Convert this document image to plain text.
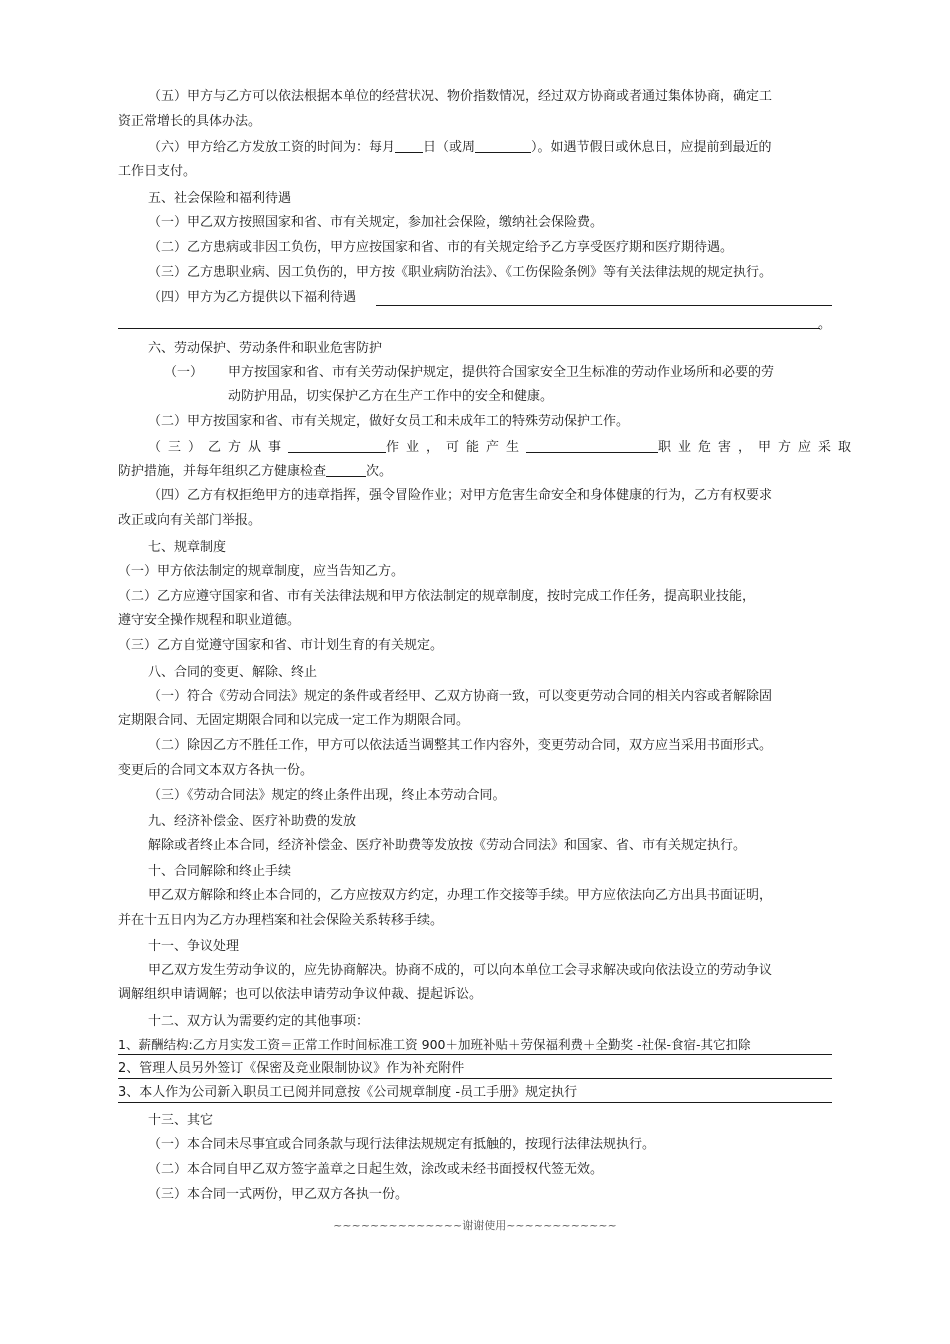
（五）甲方与乙方可以依法根据本单位的经营状况、物价指数情况，经过双方协商或者通过集体协商，确定工
资正常增长的具体办法。
（六）甲方给乙方发放工资的时间为：每月 日（或周	）。如遇节假日或休息日，应提前到最近的
工作日支付。
五、社会保险和福利待遇
（一）甲乙双方按照国家和省、市有关规定，参加社会保险，缴纳社会保险费。
（二）乙方患病或非因工负伤，甲方应按国家和省、市的有关规定给予乙方享受医疗期和医疗期待遇。
（三）乙方患职业病、因工负伤的，甲方按《职业病防治法》、《工伤保险条例》等有关法律法规的规定执行。
（四）甲方为乙方提供以下福利待遇
。
六、劳动保护、劳动条件和职业危害防护
（一）	甲方按国家和省、市有关劳动保护规定，提供符合国家安全卫生标准的劳动作业场所和必要的劳
动防护用品，切实保护乙方在生产工作中的安全和健康。
（二）甲方按国家和省、市有关规定，做好女员工和未成年工的特殊劳动保护工作。
（三）乙方从事	作业，可能产生	职业危害，甲方应采取
防护措施，并每年组织乙方健康检查	次。
（四）乙方有权拒绝甲方的违章指挥，强令冒险作业；对甲方危害生命安全和身体健康的行为，乙方有权要求
改正或向有关部门举报。
七、规章制度
（一）甲方依法制定的规章制度，应当告知乙方。
（二）乙方应遵守国家和省、市有关法律法规和甲方依法制定的规章制度，按时完成工作任务，提高职业技能，
遵守安全操作规程和职业道德。
（三）乙方自觉遵守国家和省、市计划生育的有关规定。
八、合同的变更、解除、终止
（一）符合《劳动合同法》规定的条件或者经甲、乙双方协商一致，可以变更劳动合同的相关内容或者解除固
定期限合同、无固定期限合同和以完成一定工作为期限合同。
（二）除因乙方不胜任工作，甲方可以依法适当调整其工作内容外，变更劳动合同，双方应当采用书面形式。
变更后的合同文本双方各执一份。
（三）《劳动合同法》规定的终止条件出现，终止本劳动合同。
九、经济补偿金、医疗补助费的发放
解除或者终止本合同，经济补偿金、医疗补助费等发放按《劳动合同法》和国家、省、市有关规定执行。
十、合同解除和终止手续
甲乙双方解除和终止本合同的，乙方应按双方约定，办理工作交接等手续。甲方应依法向乙方出具书面证明，
并在十五日内为乙方办理档案和社会保险关系转移手续。
十一、争议处理
甲乙双方发生劳动争议的，应先协商解决。协商不成的，可以向本单位工会寻求解决或向依法设立的劳动争议
调解组织申请调解；也可以依法申请劳动争议仲裁、提起诉讼。
十二、双方认为需要约定的其他事项：
1、薪酬结构:乙方月实发工资＝正常工作时间标准工资 900＋加班补贴＋劳保福利费＋全勤奖 -社保-食宿-其它扣除
2、管理人员另外签订《保密及竞业限制协议》作为补充附件
3、本人作为公司新入职员工已阅并同意按《公司规章制度 -员工手册》规定执行
十三、其它
（一）本合同未尽事宜或合同条款与现行法律法规规定有抵触的，按现行法律法规执行。
（二）本合同自甲乙双方签字盖章之日起生效，涂改或未经书面授权代签无效。
（三）本合同一式两份，甲乙双方各执一份。
~~~~~~~~~~~~~~谢谢使用~~~~~~~~~~~~
